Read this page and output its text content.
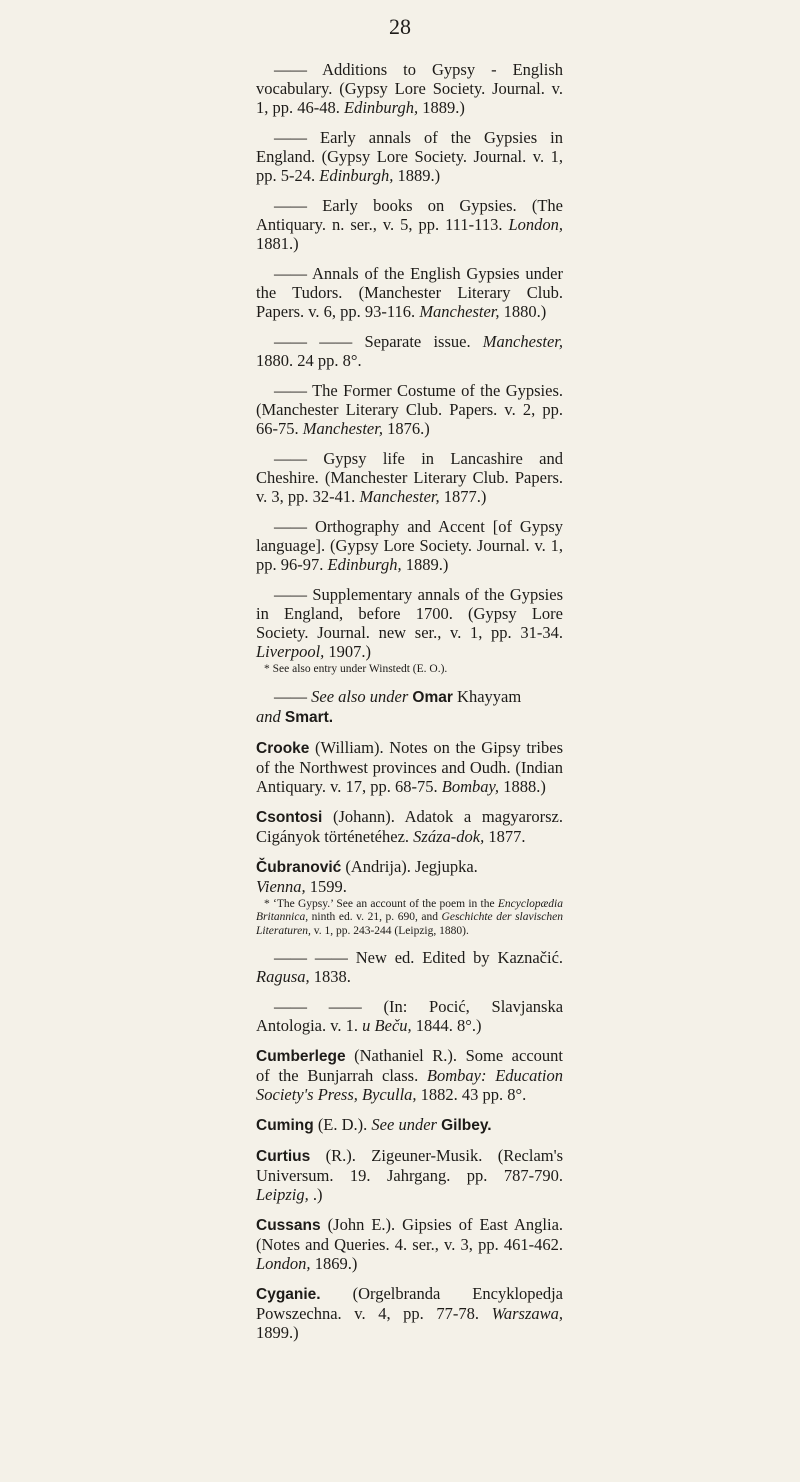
28
—— Additions to Gypsy - English vocabulary. (Gypsy Lore Society. Journal. v. 1, pp. 46-48. Edinburgh, 1889.)
—— Early annals of the Gypsies in England. (Gypsy Lore Society. Journal. v. 1, pp. 5-24. Edinburgh, 1889.)
—— Early books on Gypsies. (The Antiquary. n. ser., v. 5, pp. 111-113. London, 1881.)
—— Annals of the English Gypsies under the Tudors. (Manchester Literary Club. Papers. v. 6, pp. 93-116. Manchester, 1880.)
—— —— Separate issue. Manchester, 1880. 24 pp. 8°.
—— The Former Costume of the Gypsies. (Manchester Literary Club. Papers. v. 2, pp. 66-75. Manchester, 1876.)
—— Gypsy life in Lancashire and Cheshire. (Manchester Literary Club. Papers. v. 3, pp. 32-41. Manchester, 1877.)
—— Orthography and Accent [of Gypsy language]. (Gypsy Lore Society. Journal. v. 1, pp. 96-97. Edinburgh, 1889.)
—— Supplementary annals of the Gypsies in England, before 1700. (Gypsy Lore Society. Journal. new ser., v. 1, pp. 31-34. Liverpool, 1907.)
* See also entry under Winstedt (E. O.).
—— See also under Omar Khayyam
and Smart.
Crooke (William). Notes on the Gipsy tribes of the Northwest provinces and Oudh. (Indian Antiquary. v. 17, pp. 68-75. Bombay, 1888.)
Csontosi (Johann). Adatok a magyarorsz. Cigányok történetéhez. Száza-dok, 1877.
Čubranović (Andrija). Jegjupka.
Vienna, 1599.
* ‘The Gypsy.’ See an account of the poem in the Encyclopædia Britannica, ninth ed. v. 21, p. 690, and Geschichte der slavischen Literaturen, v. 1, pp. 243-244 (Leipzig, 1880).
—— —— New ed. Edited by Kaznačić. Ragusa, 1838.
—— —— (In: Pocić, Slavjanska Antologia. v. 1. u Beču, 1844. 8°.)
Cumberlege (Nathaniel R.). Some account of the Bunjarrah class. Bombay: Education Society's Press, Byculla, 1882. 43 pp. 8°.
Cuming (E. D.). See under Gilbey.
Curtius (R.). Zigeuner-Musik. (Reclam's Universum. 19. Jahrgang. pp. 787-790. Leipzig, .)
Cussans (John E.). Gipsies of East Anglia. (Notes and Queries. 4. ser., v. 3, pp. 461-462. London, 1869.)
Cyganie. (Orgelbranda Encyklopedja Powszechna. v. 4, pp. 77-78. Warszawa, 1899.)
